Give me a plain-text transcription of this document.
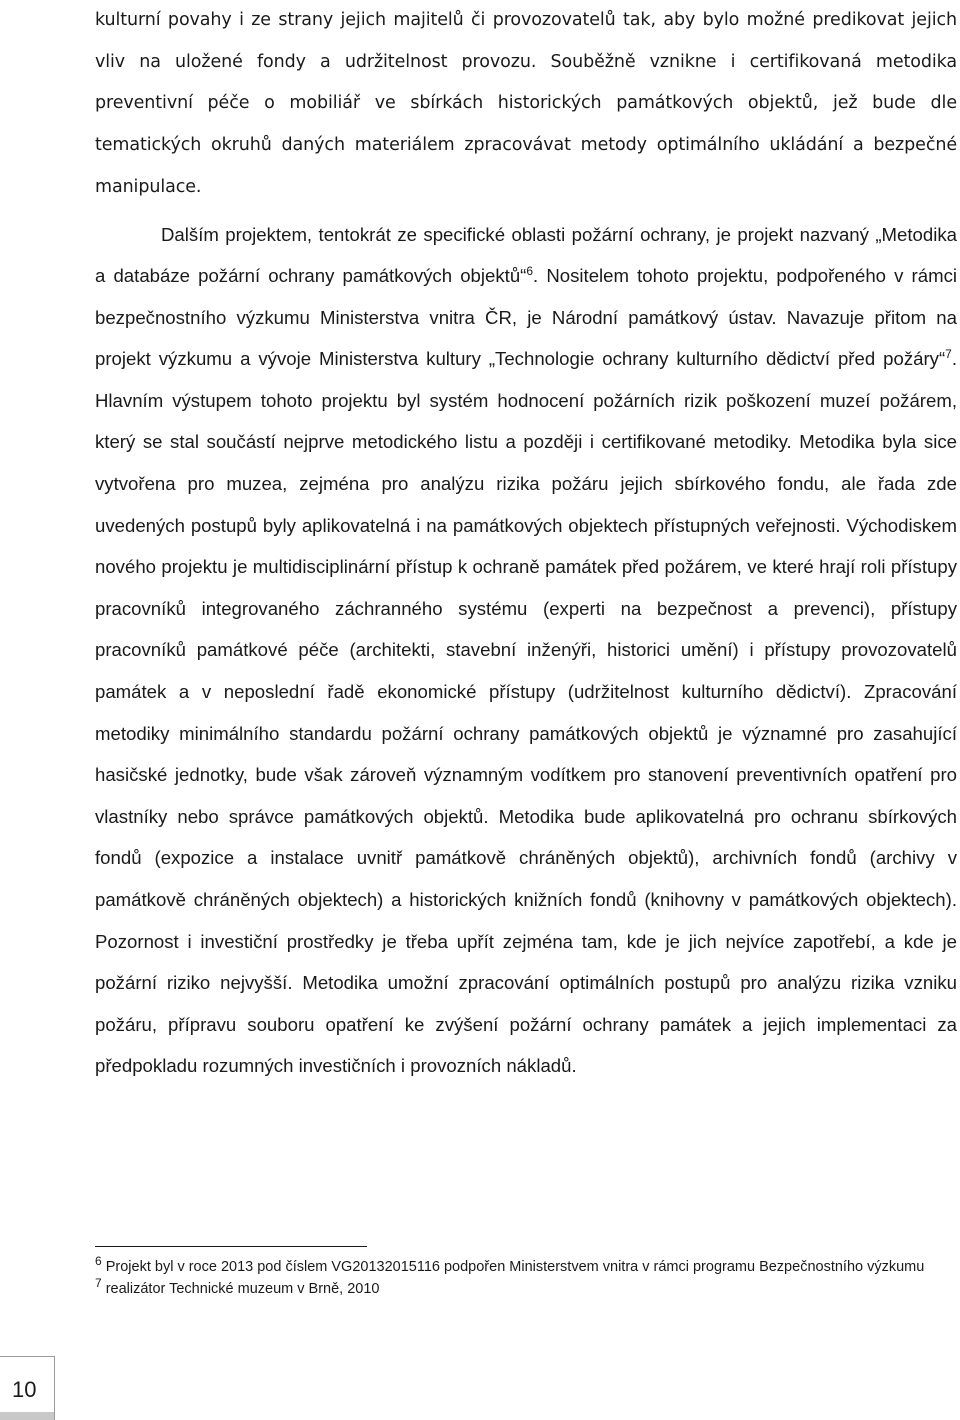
kulturní povahy i ze strany jejich majitelů či provozovatelů tak, aby bylo možné predikovat jejich vliv na uložené fondy a udržitelnost provozu. Souběžně vznikne i certifikovaná metodika preventivní péče o mobiliář ve sbírkách historických památkových objektů, jež bude dle tematických okruhů daných materiálem zpracovávat metody optimálního ukládání a bezpečné manipulace.

Dalším projektem, tentokrát ze specifické oblasti požární ochrany, je projekt nazvaný „Metodika a databáze požární ochrany památkových objektů“$^6$. Nositelem tohoto projektu, podpořeného v rámci bezpečnostního výzkumu Ministerstva vnitra ČR, je Národní památkový ústav. Navazuje přitom na projekt výzkumu a vývoje Ministerstva kultury „Technologie ochrany kulturního dědictví před požáry“$^7$. Hlavním výstupem tohoto projektu byl systém hodnocení požárních rizik poškození muzeí požárem, který se stal součástí nejprve metodického listu a později i certifikované metodiky. Metodika byla sice vytvořena pro muzea, zejména pro analýzu rizika požáru jejich sbírkového fondu, ale řada zde uvedených postupů byly aplikovatelná i na památkových objektech přístupných veřejnosti. Východiskem nového projektu je multidisciplinární přístup k ochraně památek před požárem, ve které hrají roli přístupy pracovníků integrovaného záchranného systému (experti na bezpečnost a prevenci), přístupy pracovníků památkové péče (architekti, stavební inženýři, historici umění) i přístupy provozovatelů památek a v neposlední řadě ekonomické přístupy (udržitelnost kulturního dědictví). Zpracování metodiky minimálního standardu požární ochrany památkových objektů je významné pro zasahující hasičské jednotky, bude však zároveň významným vodítkem pro stanovení preventivních opatření pro vlastníky nebo správce památkových objektů. Metodika bude aplikovatelná pro ochranu sbírkových fondů (expozice a instalace uvnitř památkově chráněných objektů), archivních fondů (archivy v památkově chráněných objektech) a historických knižních fondů (knihovny v památkových objektech). Pozornost i investiční prostředky je třeba upřít zejména tam, kde je jich nejvíce zapotřebí, a kde je požární riziko nejvyšší. Metodika umožní zpracování optimálních postupů pro analýzu rizika vzniku požáru, přípravu souboru opatření ke zvýšení požární ochrany památek a jejich implementaci za předpokladu rozumných investičních i provozních nákladů.

$^6$ Projekt byl v roce 2013 pod číslem VG20132015116 podpořen Ministerstvem vnitra v rámci programu Bezpečnostního výzkumu

$^7$ realizátor Technické muzeum v Brně, 2010

10
